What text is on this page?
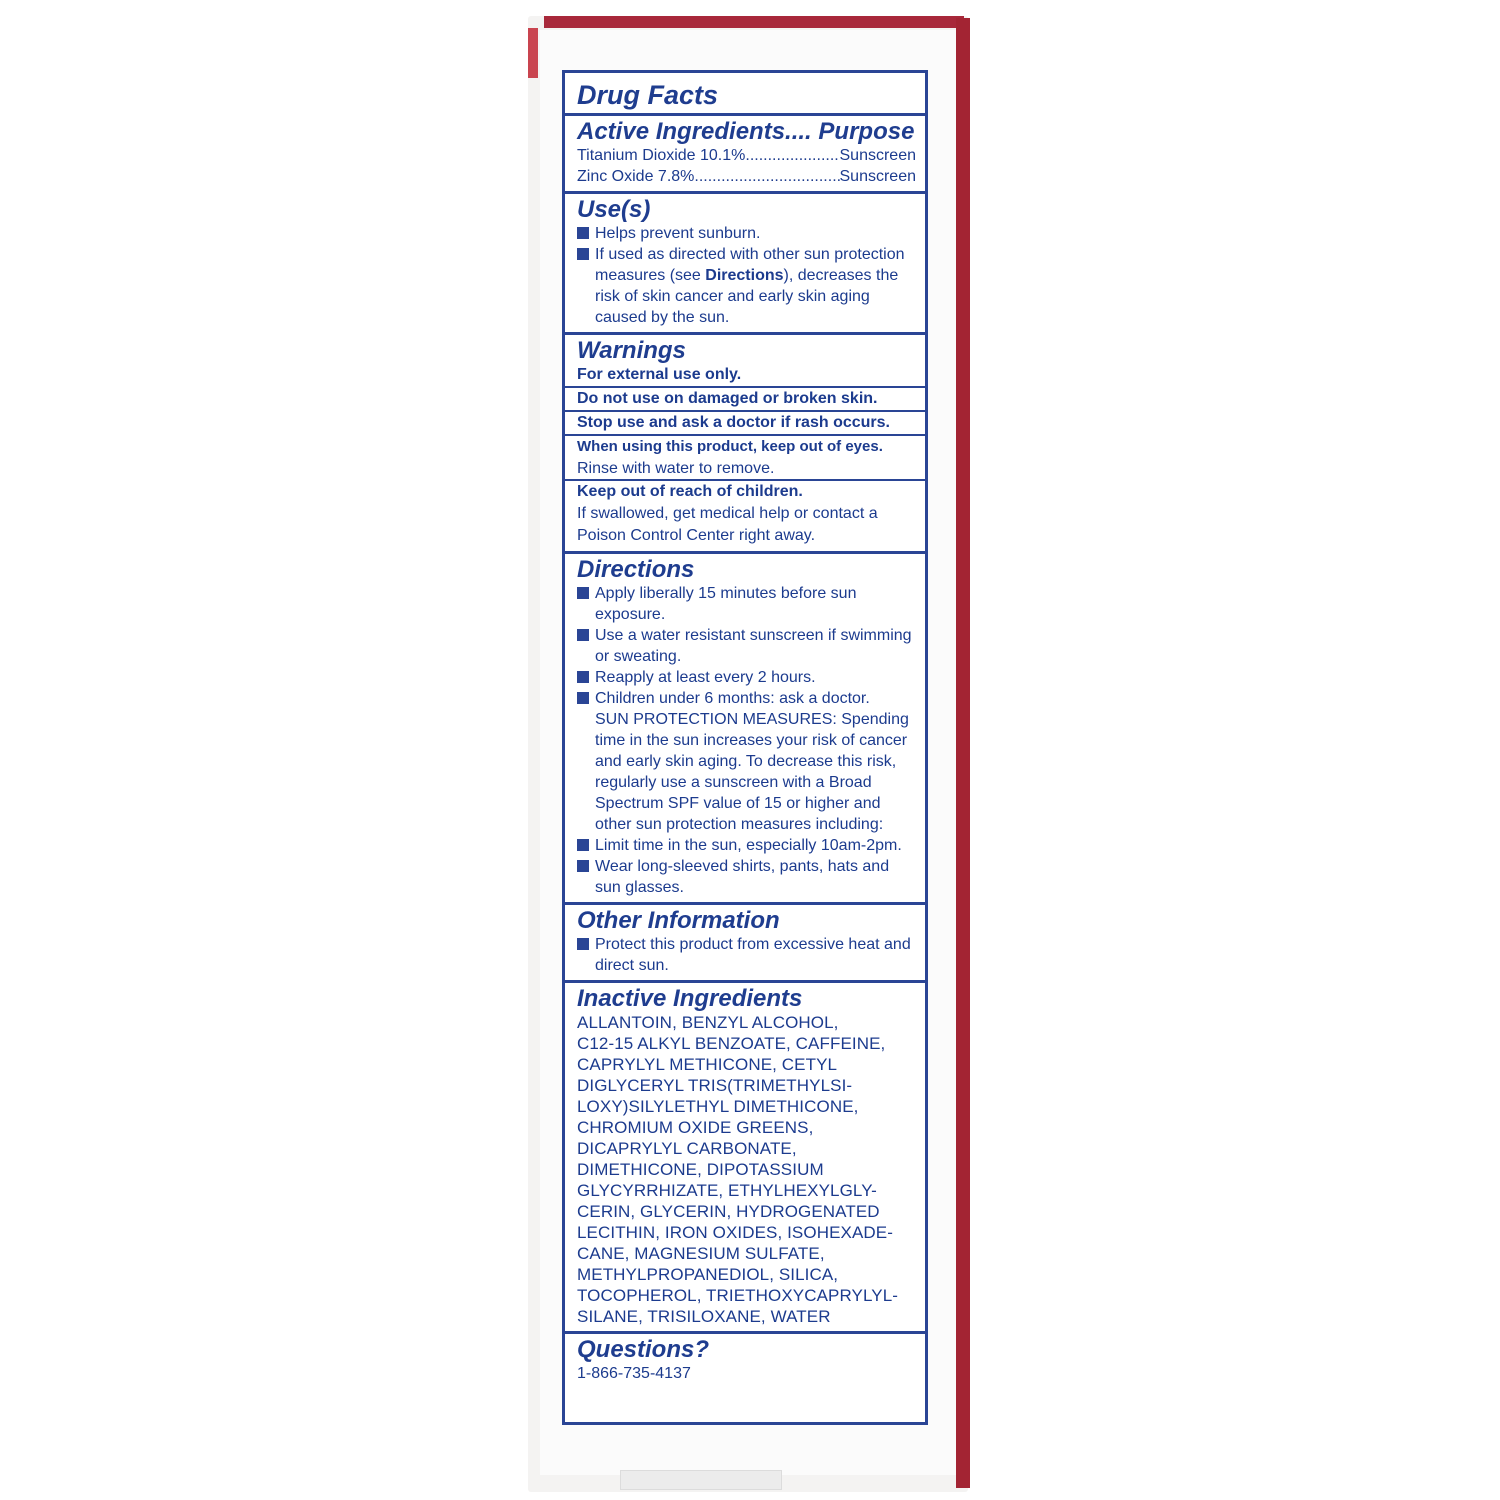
Drug Facts
Active Ingredients.... Purpose
Titanium Dioxide 10.1% .....	Sunscreen
Zinc Oxide 7.8% .....	Sunscreen
Use(s)
Helps prevent sunburn.
If used as directed with other sun protection measures (see Directions), decreases the risk of skin cancer and early skin aging caused by the sun.
Warnings
For external use only.
Do not use on damaged or broken skin.
Stop use and ask a doctor if rash occurs.
When using this product, keep out of eyes.
Rinse with water to remove.
Keep out of reach of children.
If swallowed, get medical help or contact a Poison Control Center right away.
Directions
Apply liberally 15 minutes before sun exposure.
Use a water resistant sunscreen if swimming or sweating.
Reapply at least every 2 hours.
Children under 6 months: ask a doctor.
SUN PROTECTION MEASURES: Spending time in the sun increases your risk of cancer and early skin aging. To decrease this risk, regularly use a sunscreen with a Broad Spectrum SPF value of 15 or higher and other sun protection measures including:
Limit time in the sun, especially 10am-2pm.
Wear long-sleeved shirts, pants, hats and sun glasses.
Other Information
Protect this product from excessive heat and direct sun.
Inactive Ingredients
ALLANTOIN, BENZYL ALCOHOL,
C12-15 ALKYL BENZOATE, CAFFEINE,
CAPRYLYL METHICONE, CETYL
DIGLYCERYL TRIS(TRIMETHYLSI-
LOXY)SILYLETHYL DIMETHICONE,
CHROMIUM OXIDE GREENS,
DICAPRYLYL CARBONATE,
DIMETHICONE, DIPOTASSIUM
GLYCYRRHIZATE, ETHYLHEXYLGLY-
CERIN, GLYCERIN, HYDROGENATED
LECITHIN, IRON OXIDES, ISOHEXADE-
CANE, MAGNESIUM SULFATE,
METHYLPROPANEDIOL, SILICA,
TOCOPHEROL, TRIETHOXYCAPRYLYL-
SILANE, TRISILOXANE, WATER
Questions?
1-866-735-4137
